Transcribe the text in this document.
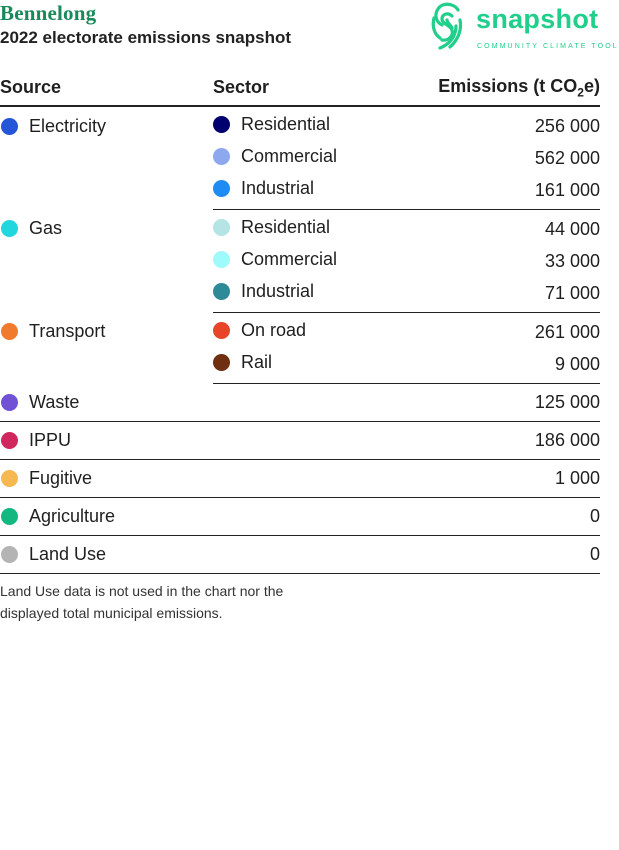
Bennelong
2022 electorate emissions snapshot
snapshot
COMMUNITY CLIMATE TOOL
Source	Sector	Emissions (t $CO_2e$)

Electricity	Residential	256 000

	Commercial	562 000

	Industrial	161 000

Gas	Residential	44 000

	Commercial	33 000

	Industrial	71 000

Transport	On road	261 000

	Rail	9 000

Waste		125 000

IPPU		186 000

Fugitive		1 000

Agriculture		0

Land Use		0
Land Use data is not used in the chart nor the displayed total municipal emissions.
